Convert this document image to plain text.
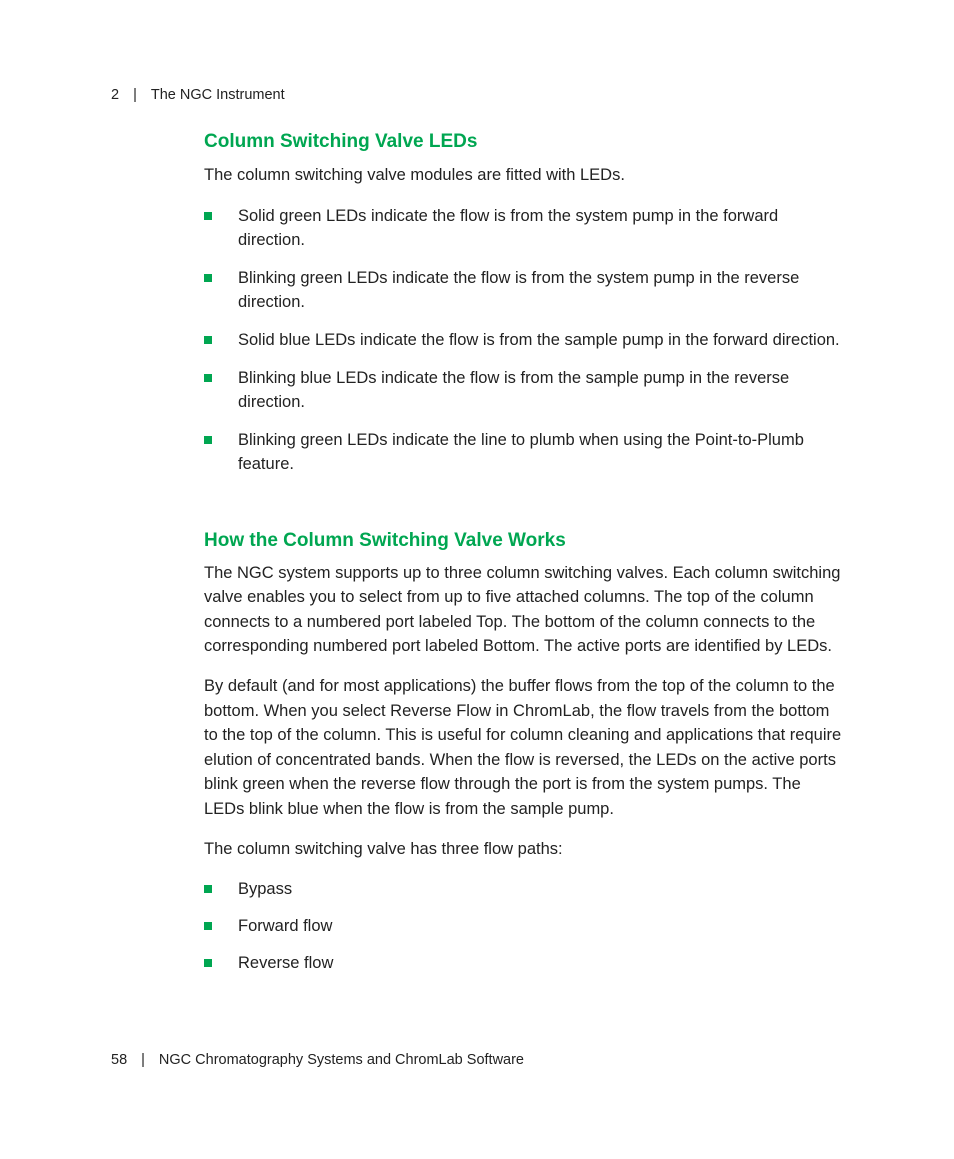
2 | The NGC Instrument
Column Switching Valve LEDs

The column switching valve modules are fitted with LEDs.

Solid green LEDs indicate the flow is from the system pump in the forward direction.
Blinking green LEDs indicate the flow is from the system pump in the reverse direction.
Solid blue LEDs indicate the flow is from the sample pump in the forward direction.
Blinking blue LEDs indicate the flow is from the sample pump in the reverse direction.
Blinking green LEDs indicate the line to plumb when using the Point-to-Plumb feature.
How the Column Switching Valve Works

The NGC system supports up to three column switching valves. Each column switching valve enables you to select from up to five attached columns. The top of the column connects to a numbered port labeled Top. The bottom of the column connects to the corresponding numbered port labeled Bottom. The active ports are identified by LEDs.

By default (and for most applications) the buffer flows from the top of the column to the bottom. When you select Reverse Flow in ChromLab, the flow travels from the bottom to the top of the column. This is useful for column cleaning and applications that require elution of concentrated bands. When the flow is reversed, the LEDs on the active ports blink green when the reverse flow through the port is from the system pumps. The LEDs blink blue when the flow is from the sample pump.

The column switching valve has three flow paths:

Bypass
Forward flow
Reverse flow
58 | NGC Chromatography Systems and ChromLab Software
